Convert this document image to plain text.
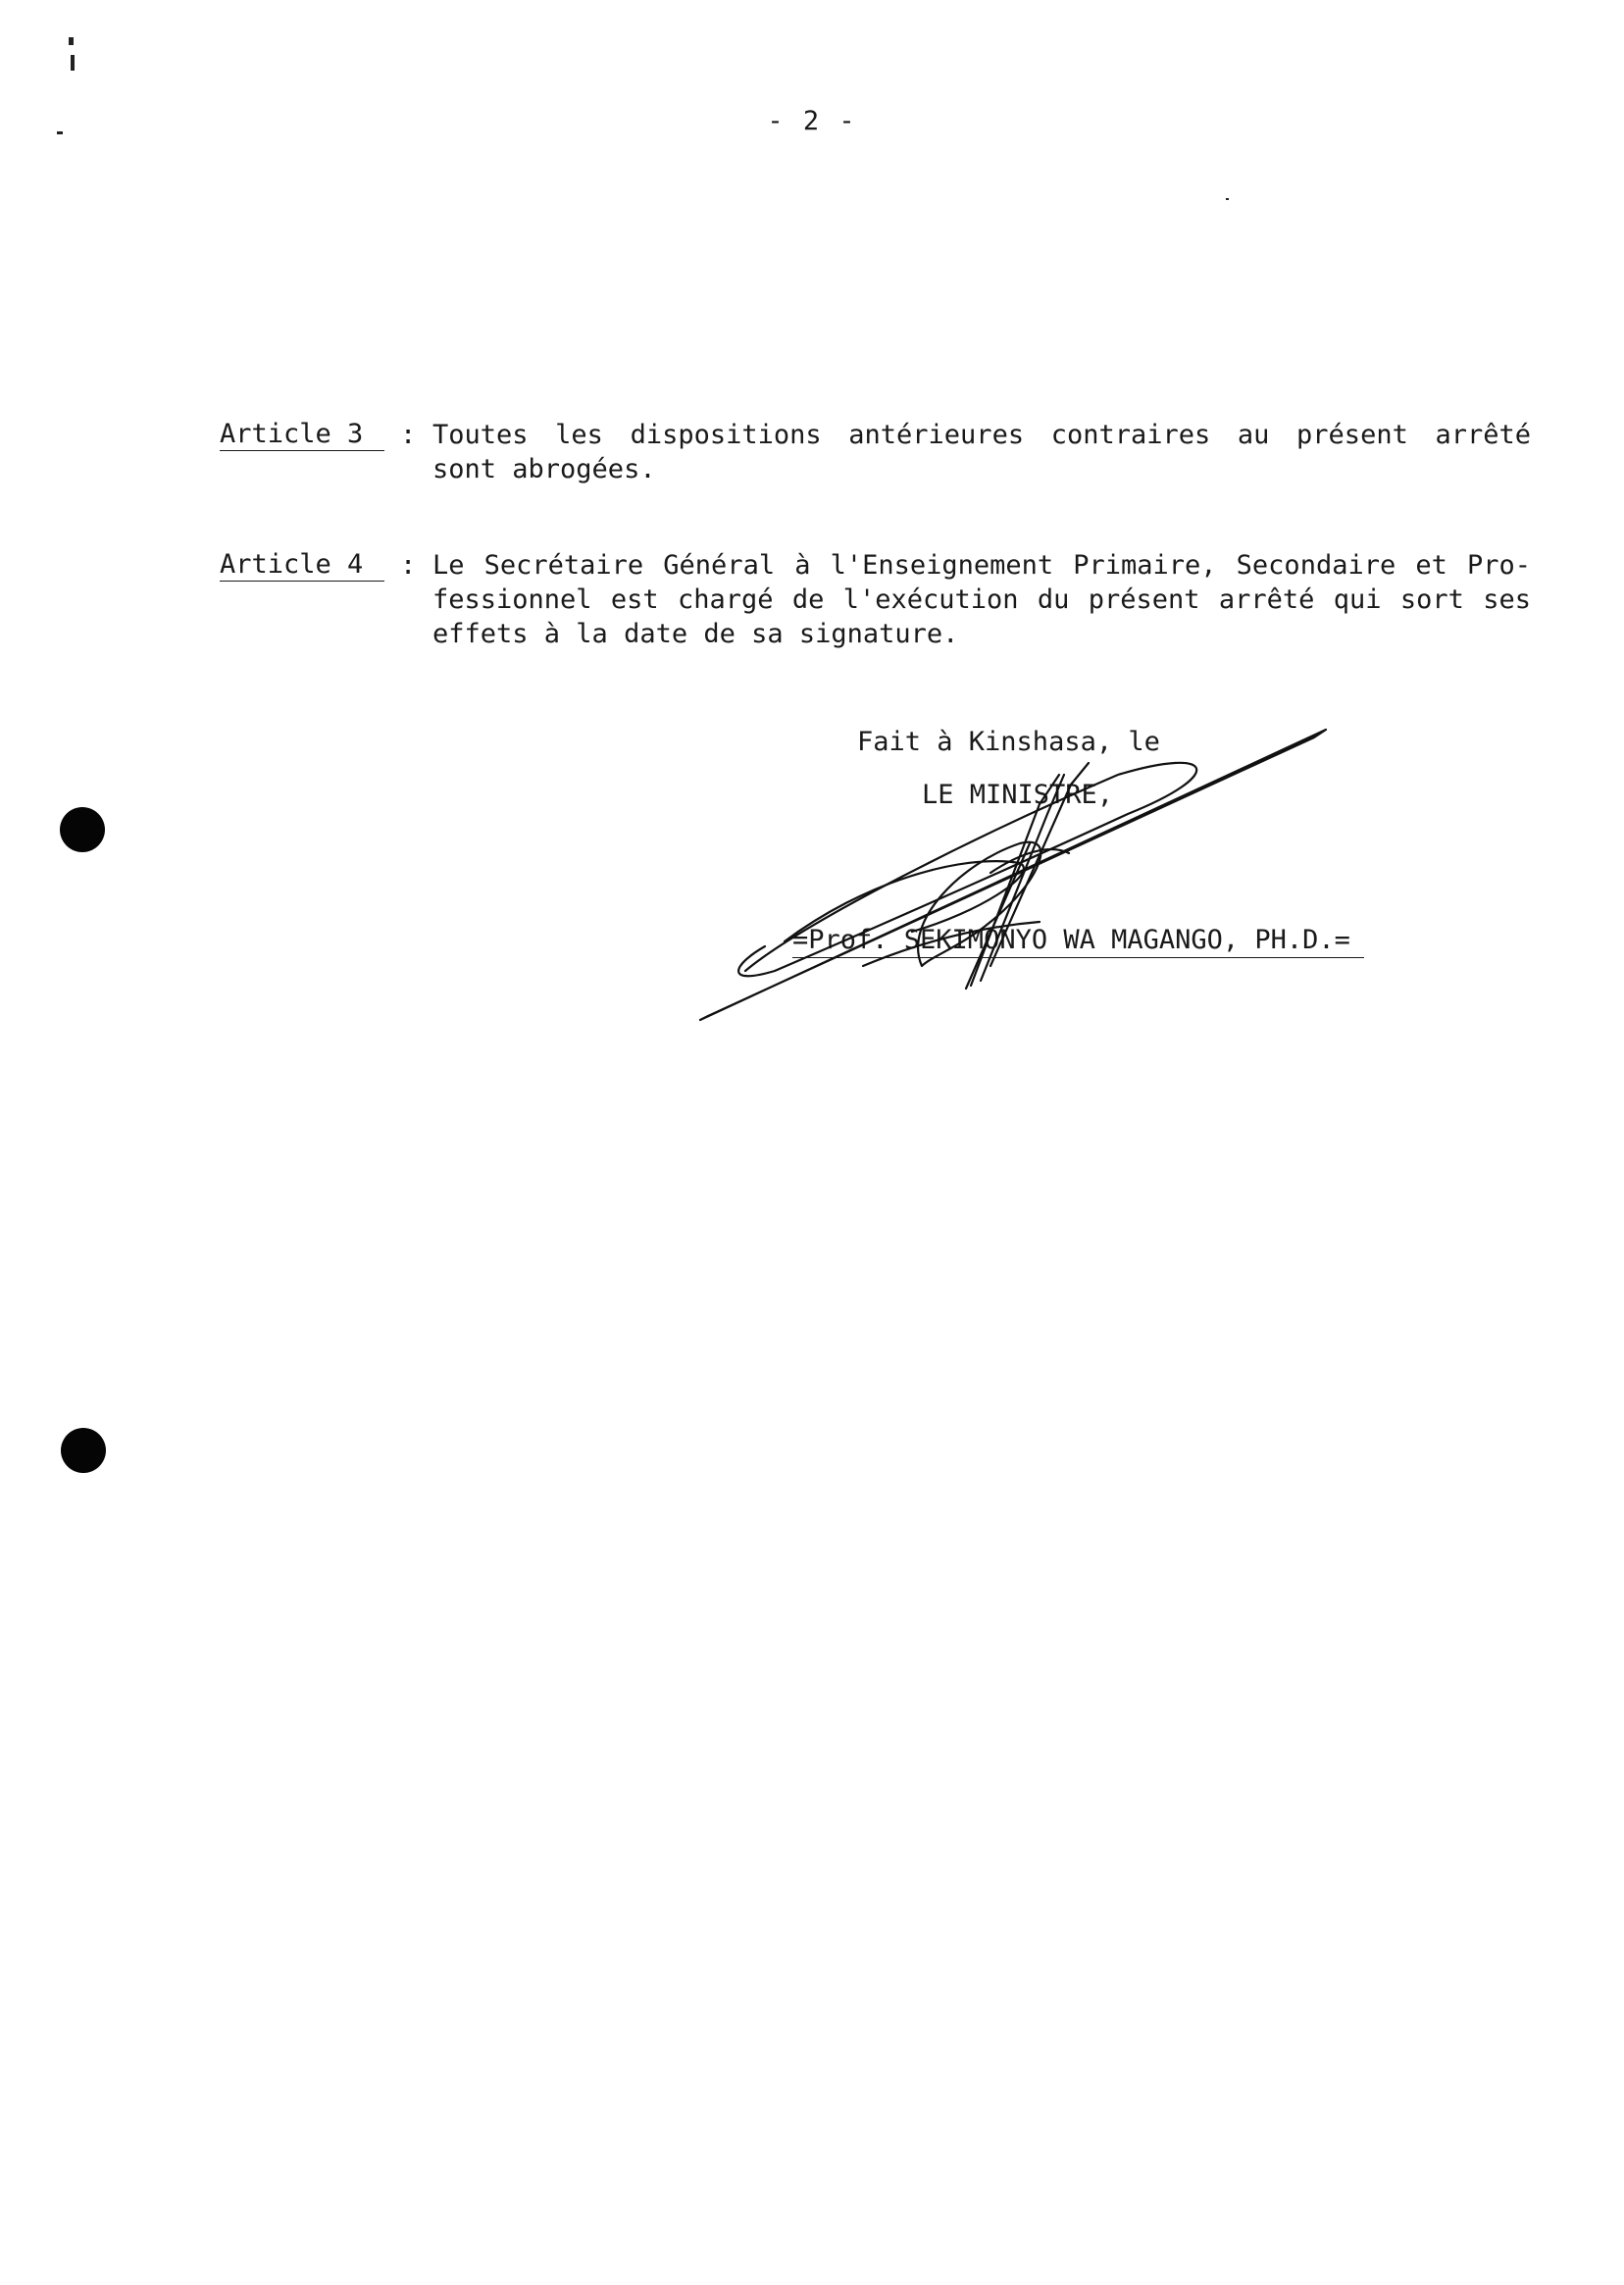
- 2 -
Article 3	: Toutes les dispositions antérieures contraires au présent arrêté
sont abrogées.
Article 4	: Le Secrétaire Général à l'Enseignement Primaire, Secondaire et Pro-
fessionnel est chargé de l'exécution du présent arrêté qui sort ses
effets à la date de sa signature.
Fait à Kinshasa, le
LE MINISTRE,
=Prof. SEKIMONYO WA MAGANGO, PH.D.=
